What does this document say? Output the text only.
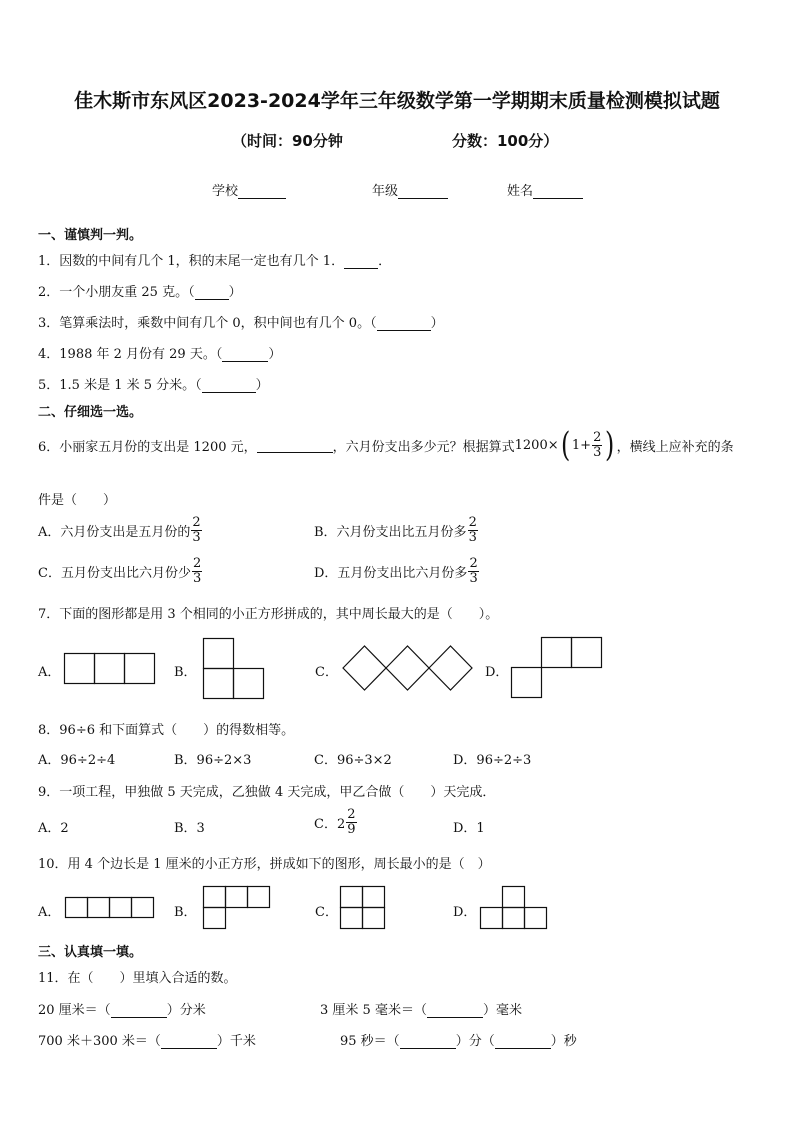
佳木斯市东风区2023-2024学年三年级数学第一学期期末质量检测模拟试题
（时间：90分钟	分数：100分）
学校	年级	姓名
一、谨慎判一判。
1．因数的中间有几个 1，积的末尾一定也有几个 1．	．
2．一个小朋友重 25 克。（	）
3．笔算乘法时，乘数中间有几个 0，积中间也有几个 0。（	）
4．1988 年 2 月份有 29 天。（	）
5．1.5 米是 1 米 5 分米。（	）
二、仔细选一选。
6．小丽家五月份的支出是 1200 元，	，六月份支出多少元？根据算式 1200× ( $1+ \frac{2}{3}$ ) ，横线上应补充的条
件是（　　）
A．六月份支出是五月份的 $\frac{2}{3}$	B．六月份支出比五月份多 $\frac{2}{3}$
C．五月份支出比六月份少 $\frac{2}{3}$	D．五月份支出比六月份多 $\frac{2}{3}$
7．下面的图形都是用 3 个相同的小正方形拼成的，其中周长最大的是（　　）。
A．	B．	C．	D．
8．96÷6 和下面算式（　　）的得数相等。
A．96÷2÷4	B．96÷2×3	C．96÷3×2	D．96÷2÷3
9．一项工程，甲独做 5 天完成，乙独做 4 天完成，甲乙合做（　　）天完成．
A．2	B．3	C．$2 \frac{2}{9}$	D．1
10．用 4 个边长是 1 厘米的小正方形，拼成如下的图形，周长最小的是（　）
A．	B．	C．	D．
三、认真填一填。
11．在（　　）里填入合适的数。
20 厘米＝（	）分米	3 厘米 5 毫米＝（	）毫米
700 米＋300 米＝（	）千米	95 秒＝（	）分（	）秒
